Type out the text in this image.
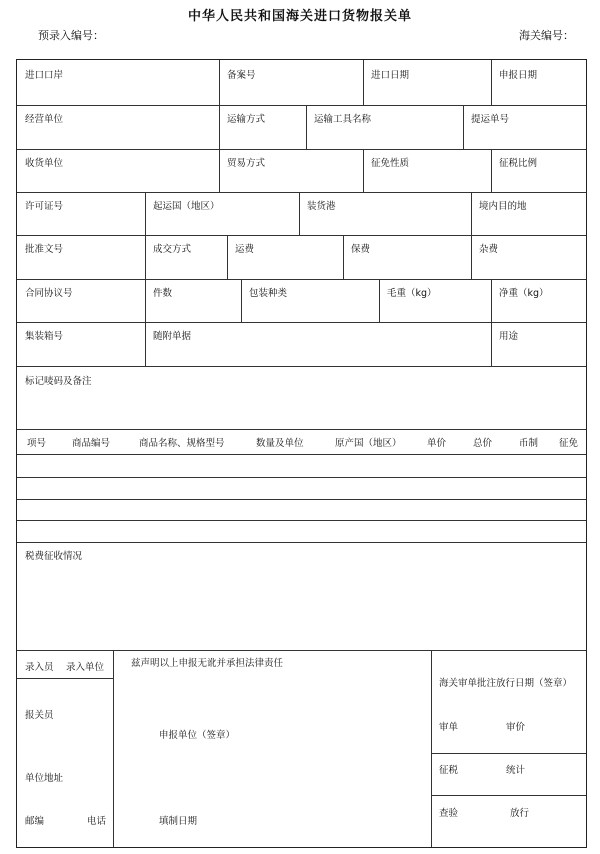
中华人民共和国海关进口货物报关单
预录入编号：	海关编号：
进口口岸	备案号	进口日期	申报日期
经营单位	运输方式	运输工具名称	提运单号
收货单位	贸易方式	征免性质	征税比例
许可证号	起运国（地区）	装货港	境内目的地
批准文号	成交方式	运费	保费	杂费
合同协议号	件数	包装种类	毛重（kg）	净重（kg）
集装箱号	随附单据	用途
标记唛码及备注
项号	商品编号	商品名称、规格型号	数量及单位	原产国（地区）	单价	总价	币制 征免
税费征收情况
录入员 录入单位	兹声明以上申报无讹并承担法律责任
报关员
申报单位（签章）
单位地址
邮编	电话	填制日期
海关审单批注放行日期（签章）
审单	审价
征税	统计
查验	放行
